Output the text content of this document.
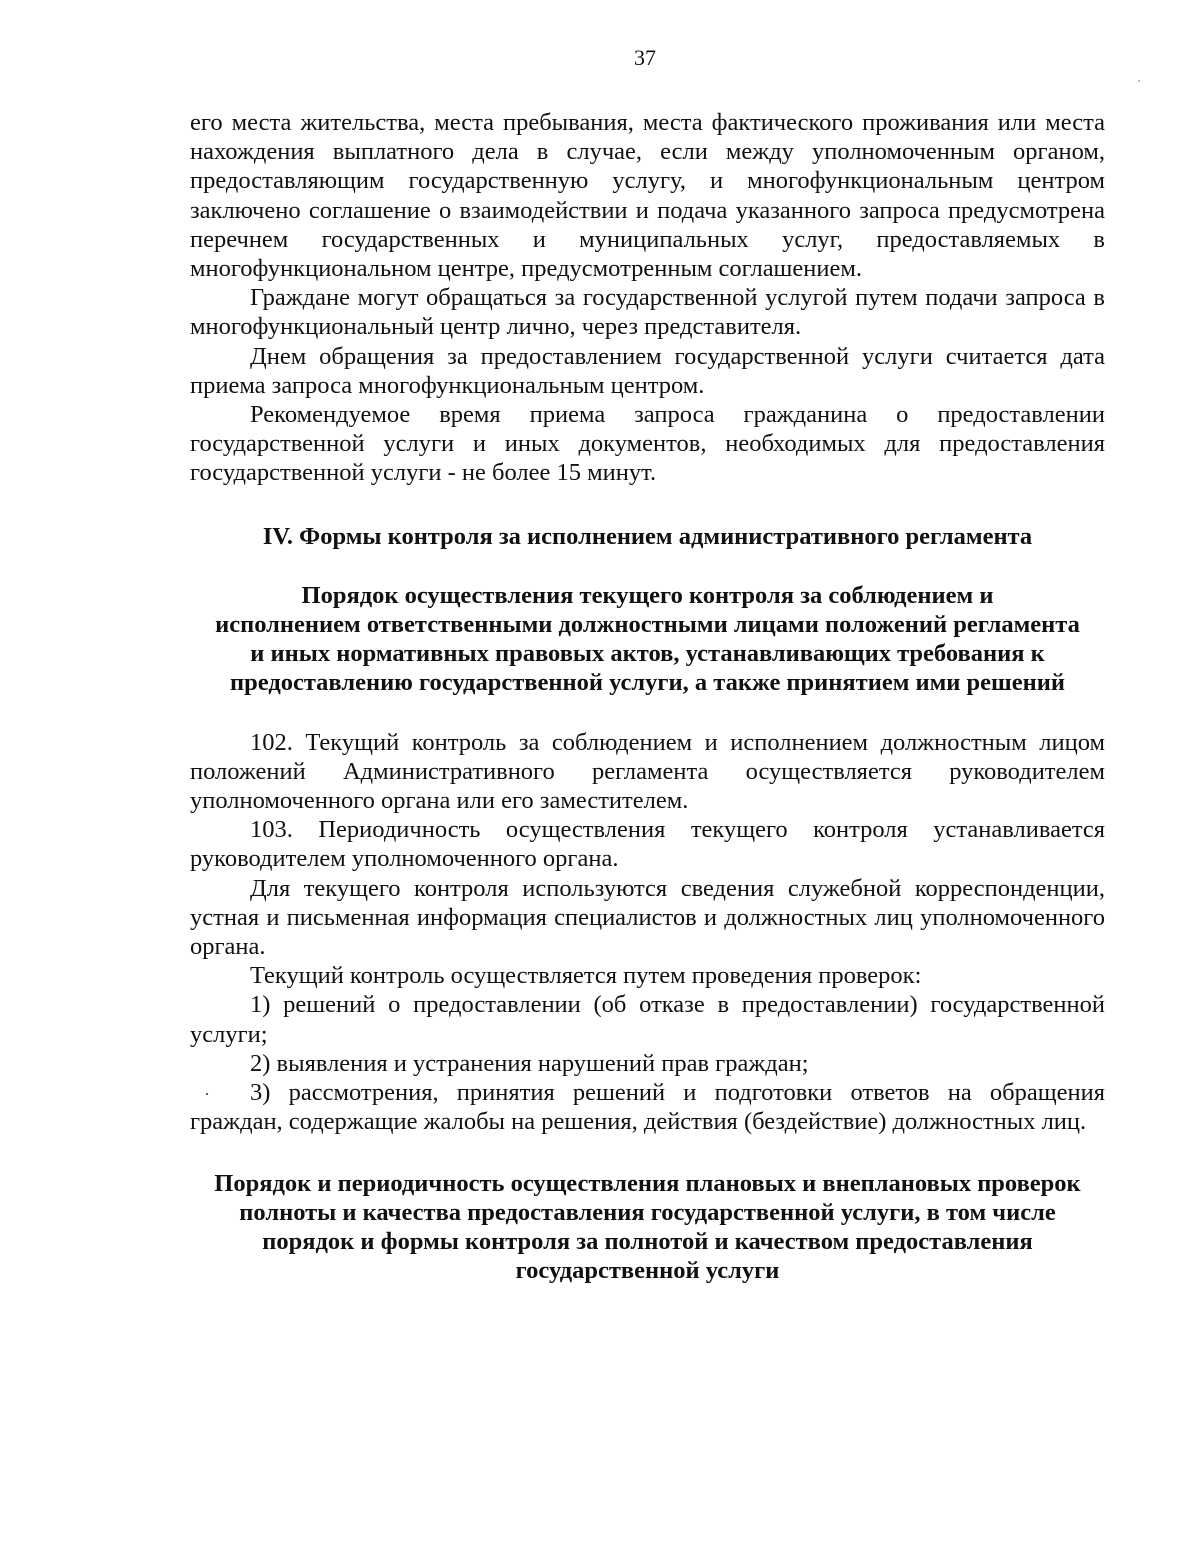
37

его места жительства, места пребывания, места фактического проживания или места нахождения выплатного дела в случае, если между уполномоченным органом, предоставляющим государственную услугу, и многофункциональным центром заключено соглашение о взаимодействии и подача указанного запроса предусмотрена перечнем государственных и муниципальных услуг, предоставляемых в многофункциональном центре, предусмотренным соглашением.

Граждане могут обращаться за государственной услугой путем подачи запроса в многофункциональный центр лично, через представителя.

Днем обращения за предоставлением государственной услуги считается дата приема запроса многофункциональным центром.

Рекомендуемое время приема запроса гражданина о предоставлении государственной услуги и иных документов, необходимых для предоставления государственной услуги - не более 15 минут.

IV. Формы контроля за исполнением административного регламента

Порядок осуществления текущего контроля за соблюдением и

исполнением ответственными должностными лицами положений регламента

и иных нормативных правовых актов, устанавливающих требования к

предоставлению государственной услуги, а также принятием ими решений

102. Текущий контроль за соблюдением и исполнением должностным лицом положений Административного регламента осуществляется руководителем уполномоченного органа или его заместителем.

103. Периодичность осуществления текущего контроля устанавливается руководителем уполномоченного органа.

Для текущего контроля используются сведения служебной корреспонденции, устная и письменная информация специалистов и должностных лиц уполномоченного органа.

Текущий контроль осуществляется путем проведения проверок:

1) решений о предоставлении (об отказе в предоставлении) государственной услуги;

2) выявления и устранения нарушений прав граждан;

3) рассмотрения, принятия решений и подготовки ответов на обращения граждан, содержащие жалобы на решения, действия (бездействие) должностных лиц.

Порядок и периодичность осуществления плановых и внеплановых проверок

полноты и качества предоставления государственной услуги, в том числе

порядок и формы контроля за полнотой и качеством предоставления

государственной услуги

·
